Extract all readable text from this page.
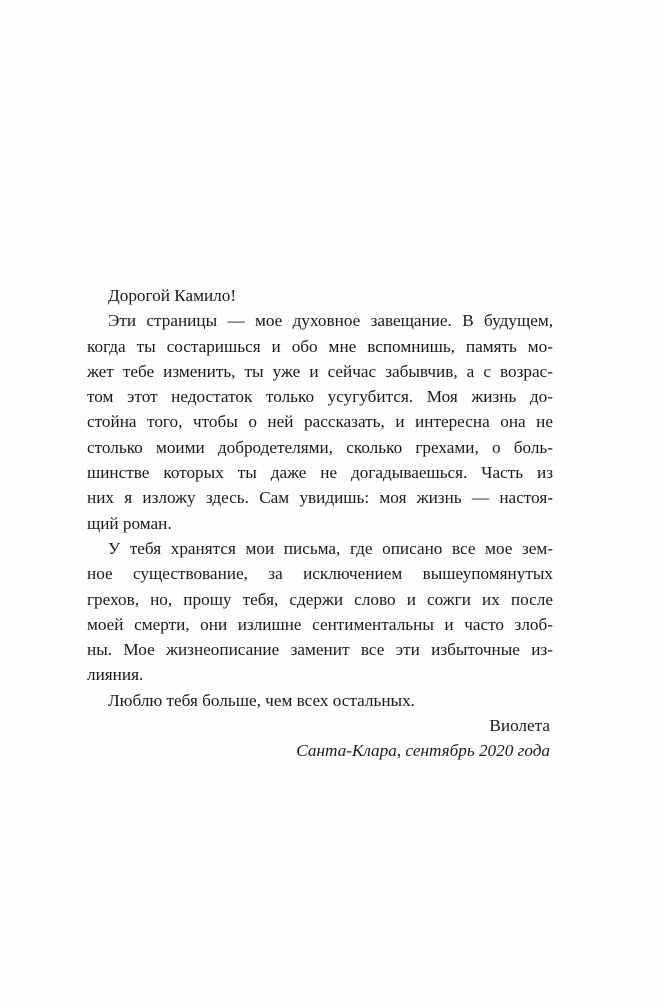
Дорогой Камило!
Эти страницы — мое духовное завещание. В будущем,
когда ты состаришься и обо мне вспомнишь, память мо-
жет тебе изменить, ты уже и сейчас забывчив, а с возрас-
том этот недостаток только усугубится. Моя жизнь до-
стойна того, чтобы о ней рассказать, и интересна она не
столько моими добродетелями, сколько грехами, о боль-
шинстве которых ты даже не догадываешься. Часть из
них я изложу здесь. Сам увидишь: моя жизнь — настоя-
щий роман.
У тебя хранятся мои письма, где описано все мое зем-
ное существование, за исключением вышеупомянутых
грехов, но, прошу тебя, сдержи слово и сожги их после
моей смерти, они излишне сентиментальны и часто злоб-
ны. Мое жизнеописание заменит все эти избыточные из-
лияния.
Люблю тебя больше, чем всех остальных.
Виолета
Санта-Клара, сентябрь 2020 года
